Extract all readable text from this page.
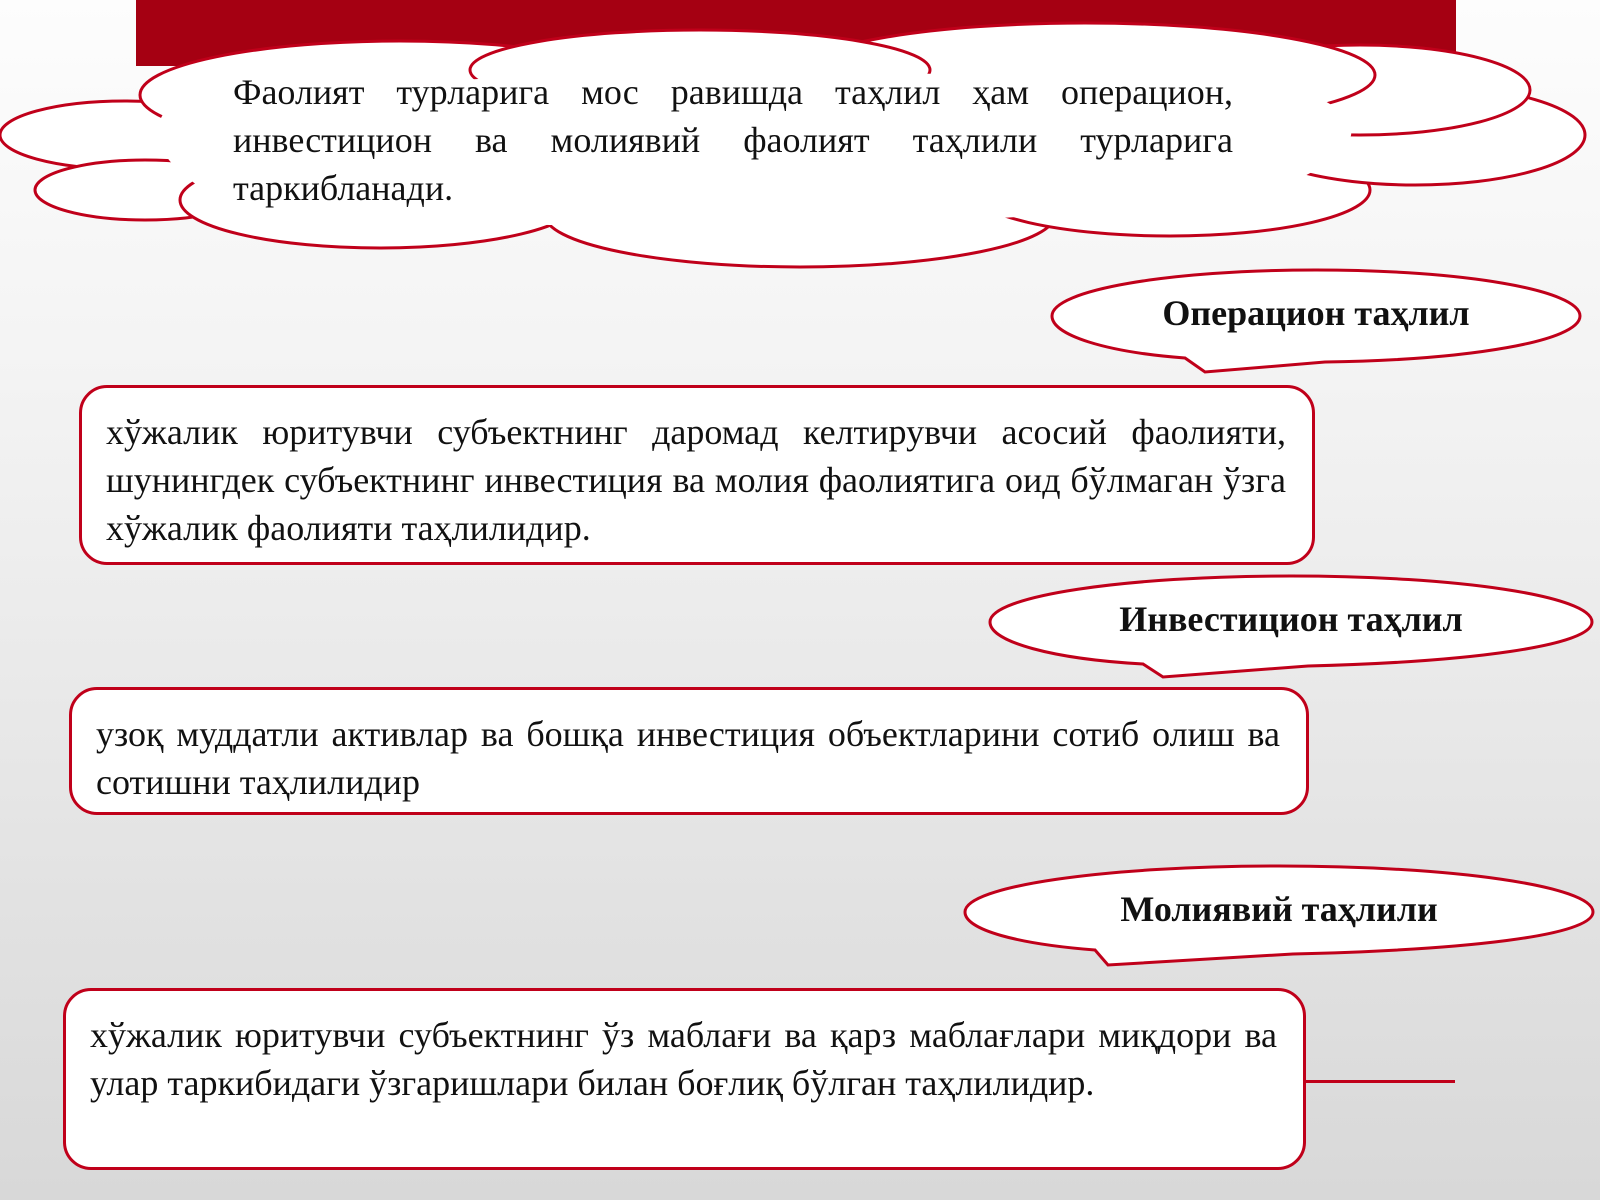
Фаолият турларига мос равишда таҳлил ҳам операцион, инвестицион ва молиявий фаолият таҳлили турларига таркибланади.

Операцион таҳлил

хўжалик юритувчи субъектнинг даромад келтирувчи асосий фаолияти, шунингдек субъектнинг инвестиция ва молия фаолиятига оид бўлмаган ўзга хўжалик фаолияти таҳлилидир.

Инвестицион таҳлил

узоқ муддатли активлар ва бошқа инвестиция объектларини сотиб олиш ва сотишни таҳлилидир

Молиявий таҳлили

хўжалик юритувчи субъектнинг ўз маблағи ва қарз маблағлари миқдори ва улар таркибидаги ўзгаришлари билан боғлиқ бўлган таҳлилидир.
